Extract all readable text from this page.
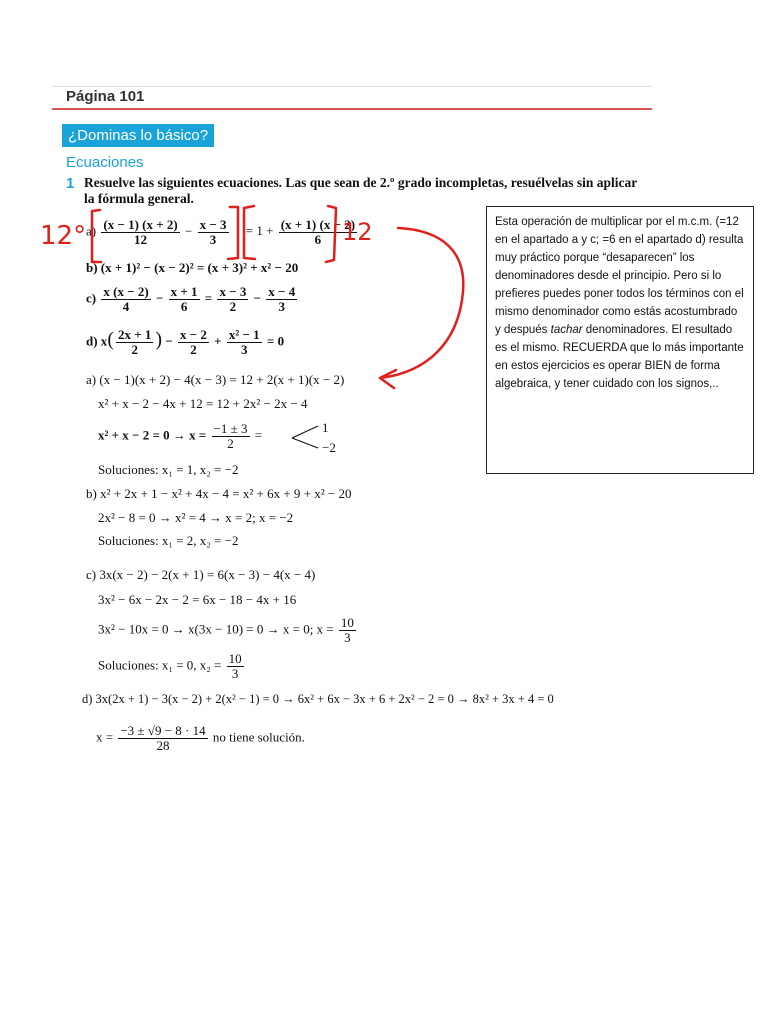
Página 101
¿Dominas lo básico?
Ecuaciones
1 Resuelve las siguientes ecuaciones. Las que sean de 2.º grado incompletas, resuélvelas sin aplicar la fórmula general.
$a) \frac{(x - 1) (x + 2)}{12} - \frac{x - 3}{3} = 1 + \frac{(x + 1) (x - 2)}{6}$
b) (x + 1)² − (x − 2)² = (x + 3)² + x² − 20
$c) \frac{x (x - 2)}{4} - \frac{x + 1}{6} = \frac{x - 3}{2} - \frac{x - 4}{3}$
d) $x( \frac{2x + 1}{2}$ ) − $\frac{x - 2}{2} + \frac{\text{x² − 1}}{3} = 0$
a) (x − 1)(x + 2) − 4(x − 3) = 12 + 2(x + 1)(x − 2)
x² + x − 2 − 4x + 12 = 12 + 2x² − 2x − 4
$x^2 + x - 2 = 0 \to x = \frac{-1 \pm 3}{2}$ =	1
−2
Soluciones: x₁ = 1, x₂ = −2
b) x² + 2x + 1 − x² + 4x − 4 = x² + 6x + 9 + x² − 20
2x² − 8 = 0 → x² = 4 → x = 2; x = −2
Soluciones: x₁ = 2, x₂ = −2
c) 3x(x − 2) − 2(x + 1) = 6(x − 3) − 4(x − 4)
3x² − 6x − 2x − 2 = 6x − 18 − 4x + 16
3x² − 10x = 0 → x(3x − 10) = 0 → x = 0; $x = \frac{10}{3}$
Soluciones: x₁ = 0, $x_2 = \frac{10}{3}$
d) 3x(2x + 1) − 3(x − 2) + 2(x² − 1) = 0 → 6x² + 6x − 3x + 6 + 2x² − 2 = 0 → 8x² + 3x + 4 = 0
$x = \frac{-3 \pm √9 - 8 \cdot 14}{28}$ no tiene solución.
Esta operación de multiplicar por el m.c.m. (=12 en el apartado a y c; =6 en el apartado d) resulta muy práctico porque “desaparecen” los denominadores desde el principio. Pero si lo prefieres puedes poner todos los términos con el mismo denominador como estás acostumbrado y después tachar denominadores. El resultado es el mismo. RECUERDA que lo más importante en estos ejercicios es operar BIEN de forma algebraica, y tener cuidado con los signos,..
12°	12
